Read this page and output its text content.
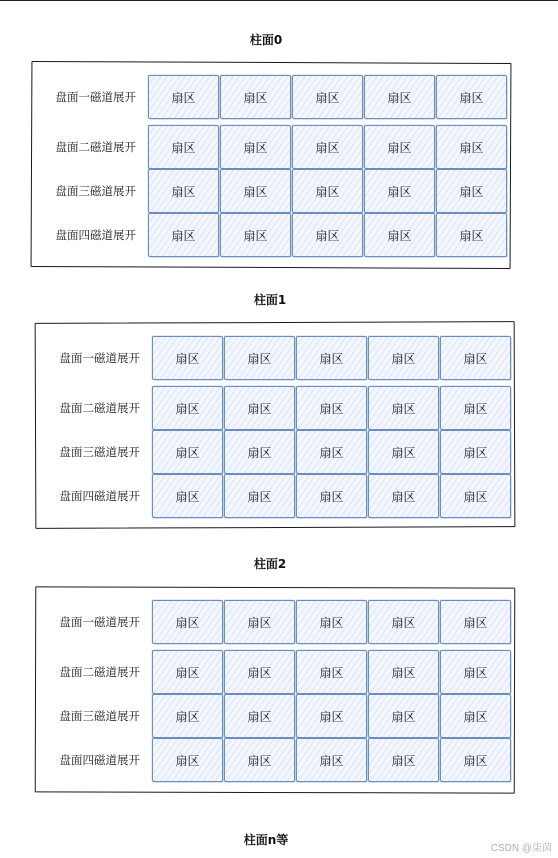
柱面0
柱面1
柱面2
柱面n等
CSDN @柒茵
盘面一磁道展开	扇区	扇区	扇区	扇区	扇区
盘面二磁道展开	扇区	扇区	扇区	扇区	扇区
盘面三磁道展开	扇区	扇区	扇区	扇区	扇区
盘面四磁道展开	扇区	扇区	扇区	扇区	扇区
盘面一磁道展开	扇区	扇区	扇区	扇区	扇区
盘面二磁道展开	扇区	扇区	扇区	扇区	扇区
盘面三磁道展开	扇区	扇区	扇区	扇区	扇区
盘面四磁道展开	扇区	扇区	扇区	扇区	扇区
盘面一磁道展开	扇区	扇区	扇区	扇区	扇区
盘面二磁道展开	扇区	扇区	扇区	扇区	扇区
盘面三磁道展开	扇区	扇区	扇区	扇区	扇区
盘面四磁道展开	扇区	扇区	扇区	扇区	扇区
